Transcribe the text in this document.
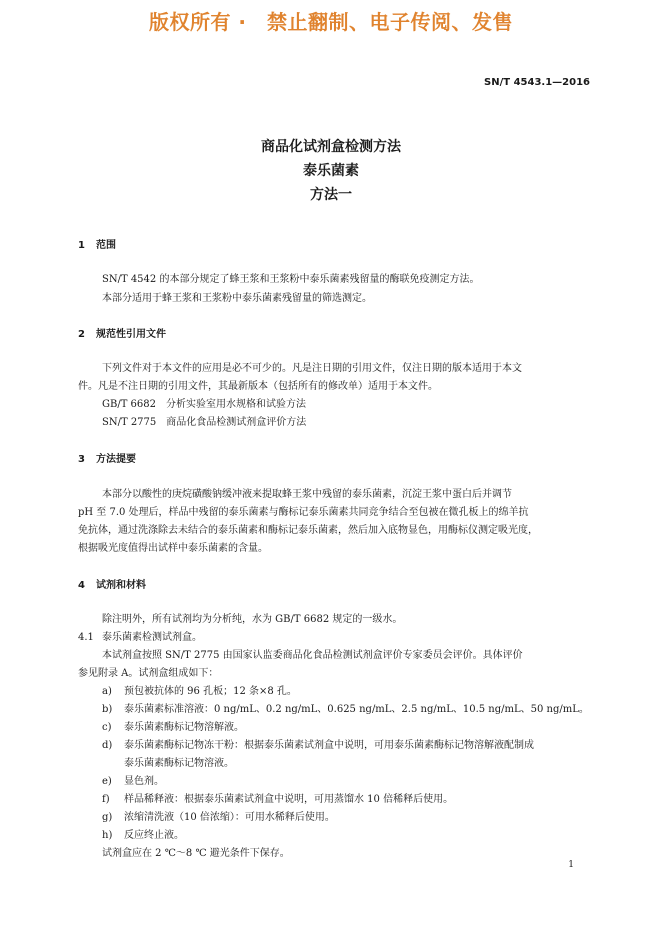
版权所有 ·　禁止翻制、电子传阅、发售
SN/T 4543.1—2016
商品化试剂盒检测方法
泰乐菌素
方法一
1 范围
SN/T 4542 的本部分规定了蜂王浆和王浆粉中泰乐菌素残留量的酶联免疫测定方法。
本部分适用于蜂王浆和王浆粉中泰乐菌素残留量的筛选测定。
2 规范性引用文件
下列文件对于本文件的应用是必不可少的。凡是注日期的引用文件，仅注日期的版本适用于本文
件。凡是不注日期的引用文件，其最新版本（包括所有的修改单）适用于本文件。
GB/T 6682　分析实验室用水规格和试验方法
SN/T 2775　商品化食品检测试剂盒评价方法
3 方法提要
本部分以酸性的庚烷磺酸钠缓冲液来提取蜂王浆中残留的泰乐菌素，沉淀王浆中蛋白后并调节
pH 至 7.0 处理后，样品中残留的泰乐菌素与酶标记泰乐菌素共同竞争结合至包被在微孔板上的绵羊抗
免抗体，通过洗涤除去未结合的泰乐菌素和酶标记泰乐菌素，然后加入底物显色，用酶标仪测定吸光度，
根据吸光度值得出试样中泰乐菌素的含量。
4 试剂和材料
除注明外，所有试剂均为分析纯，水为 GB/T 6682 规定的一级水。
4.1 泰乐菌素检测试剂盒。
本试剂盒按照 SN/T 2775 由国家认监委商品化食品检测试剂盒评价专家委员会评价。具体评价
参见附录 A。试剂盒组成如下：
a) 预包被抗体的 96 孔板；12 条×8 孔。
b) 泰乐菌素标准溶液：0 ng/mL、0.2 ng/mL、0.625 ng/mL、2.5 ng/mL、10.5 ng/mL、50 ng/mL。
c) 泰乐菌素酶标记物溶解液。
d) 泰乐菌素酶标记物冻干粉：根据泰乐菌素试剂盒中说明，可用泰乐菌素酶标记物溶解液配制成
泰乐菌素酶标记物溶液。
e) 显色剂。
f) 样品稀释液：根据泰乐菌素试剂盒中说明，可用蒸馏水 10 倍稀释后使用。
g) 浓缩清洗液（10 倍浓缩）：可用水稀释后使用。
h) 反应终止液。
试剂盒应在 2 ℃～8 ℃ 避光条件下保存。
1
